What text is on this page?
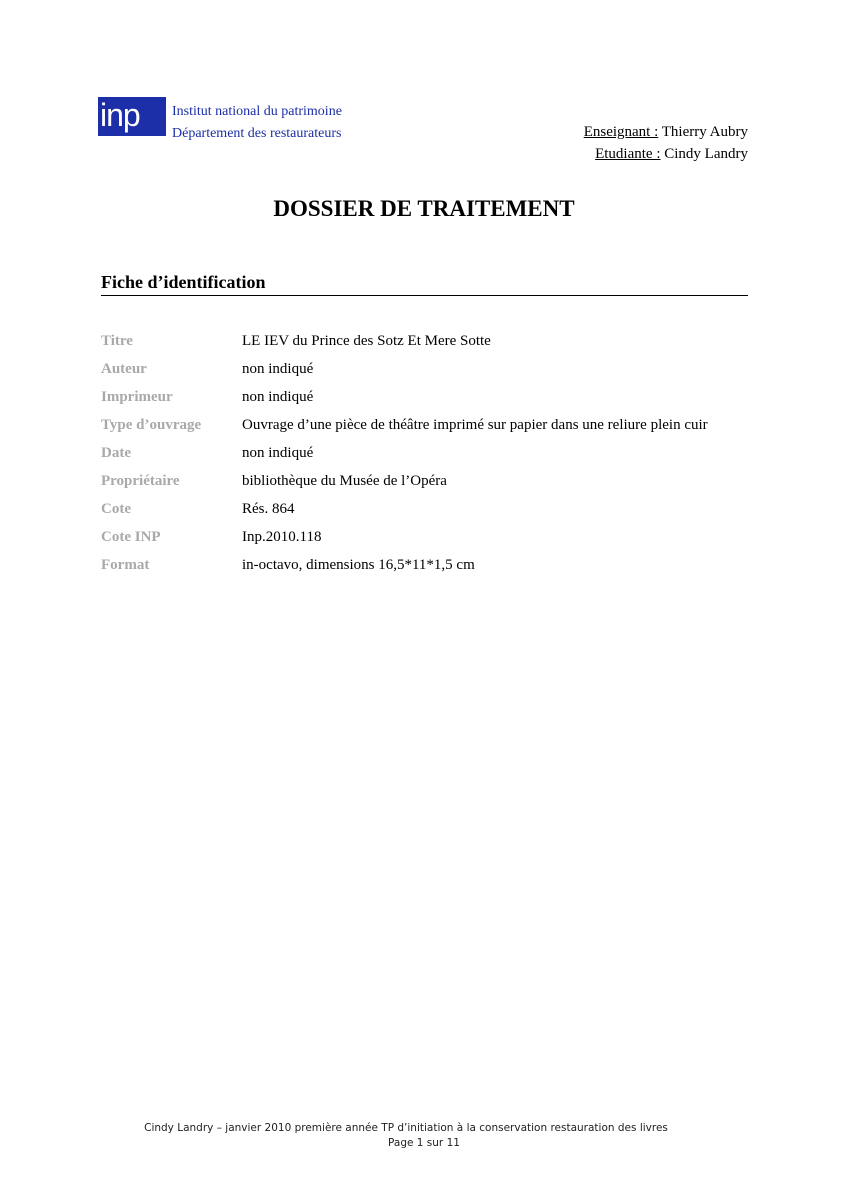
inp	Institut national du patrimoine
Département des restaurateurs	Enseignant : Thierry Aubry
Etudiante : Cindy Landry
DOSSIER DE TRAITEMENT
Fiche d’identification
Titre	LE IEV du Prince des Sotz Et Mere Sotte
Auteur	non indiqué
Imprimeur	non indiqué
Type d’ouvrage	Ouvrage d’une pièce de théâtre imprimé sur papier dans une reliure plein cuir
Date	non indiqué
Propriétaire	bibliothèque du Musée de l’Opéra
Cote	Rés. 864
Cote INP	Inp.2010.118
Format	in-octavo, dimensions 16,5*11*1,5 cm
Cindy Landry – janvier 2010 première année TP d’initiation à la conservation restauration des livres
Page 1 sur 11
